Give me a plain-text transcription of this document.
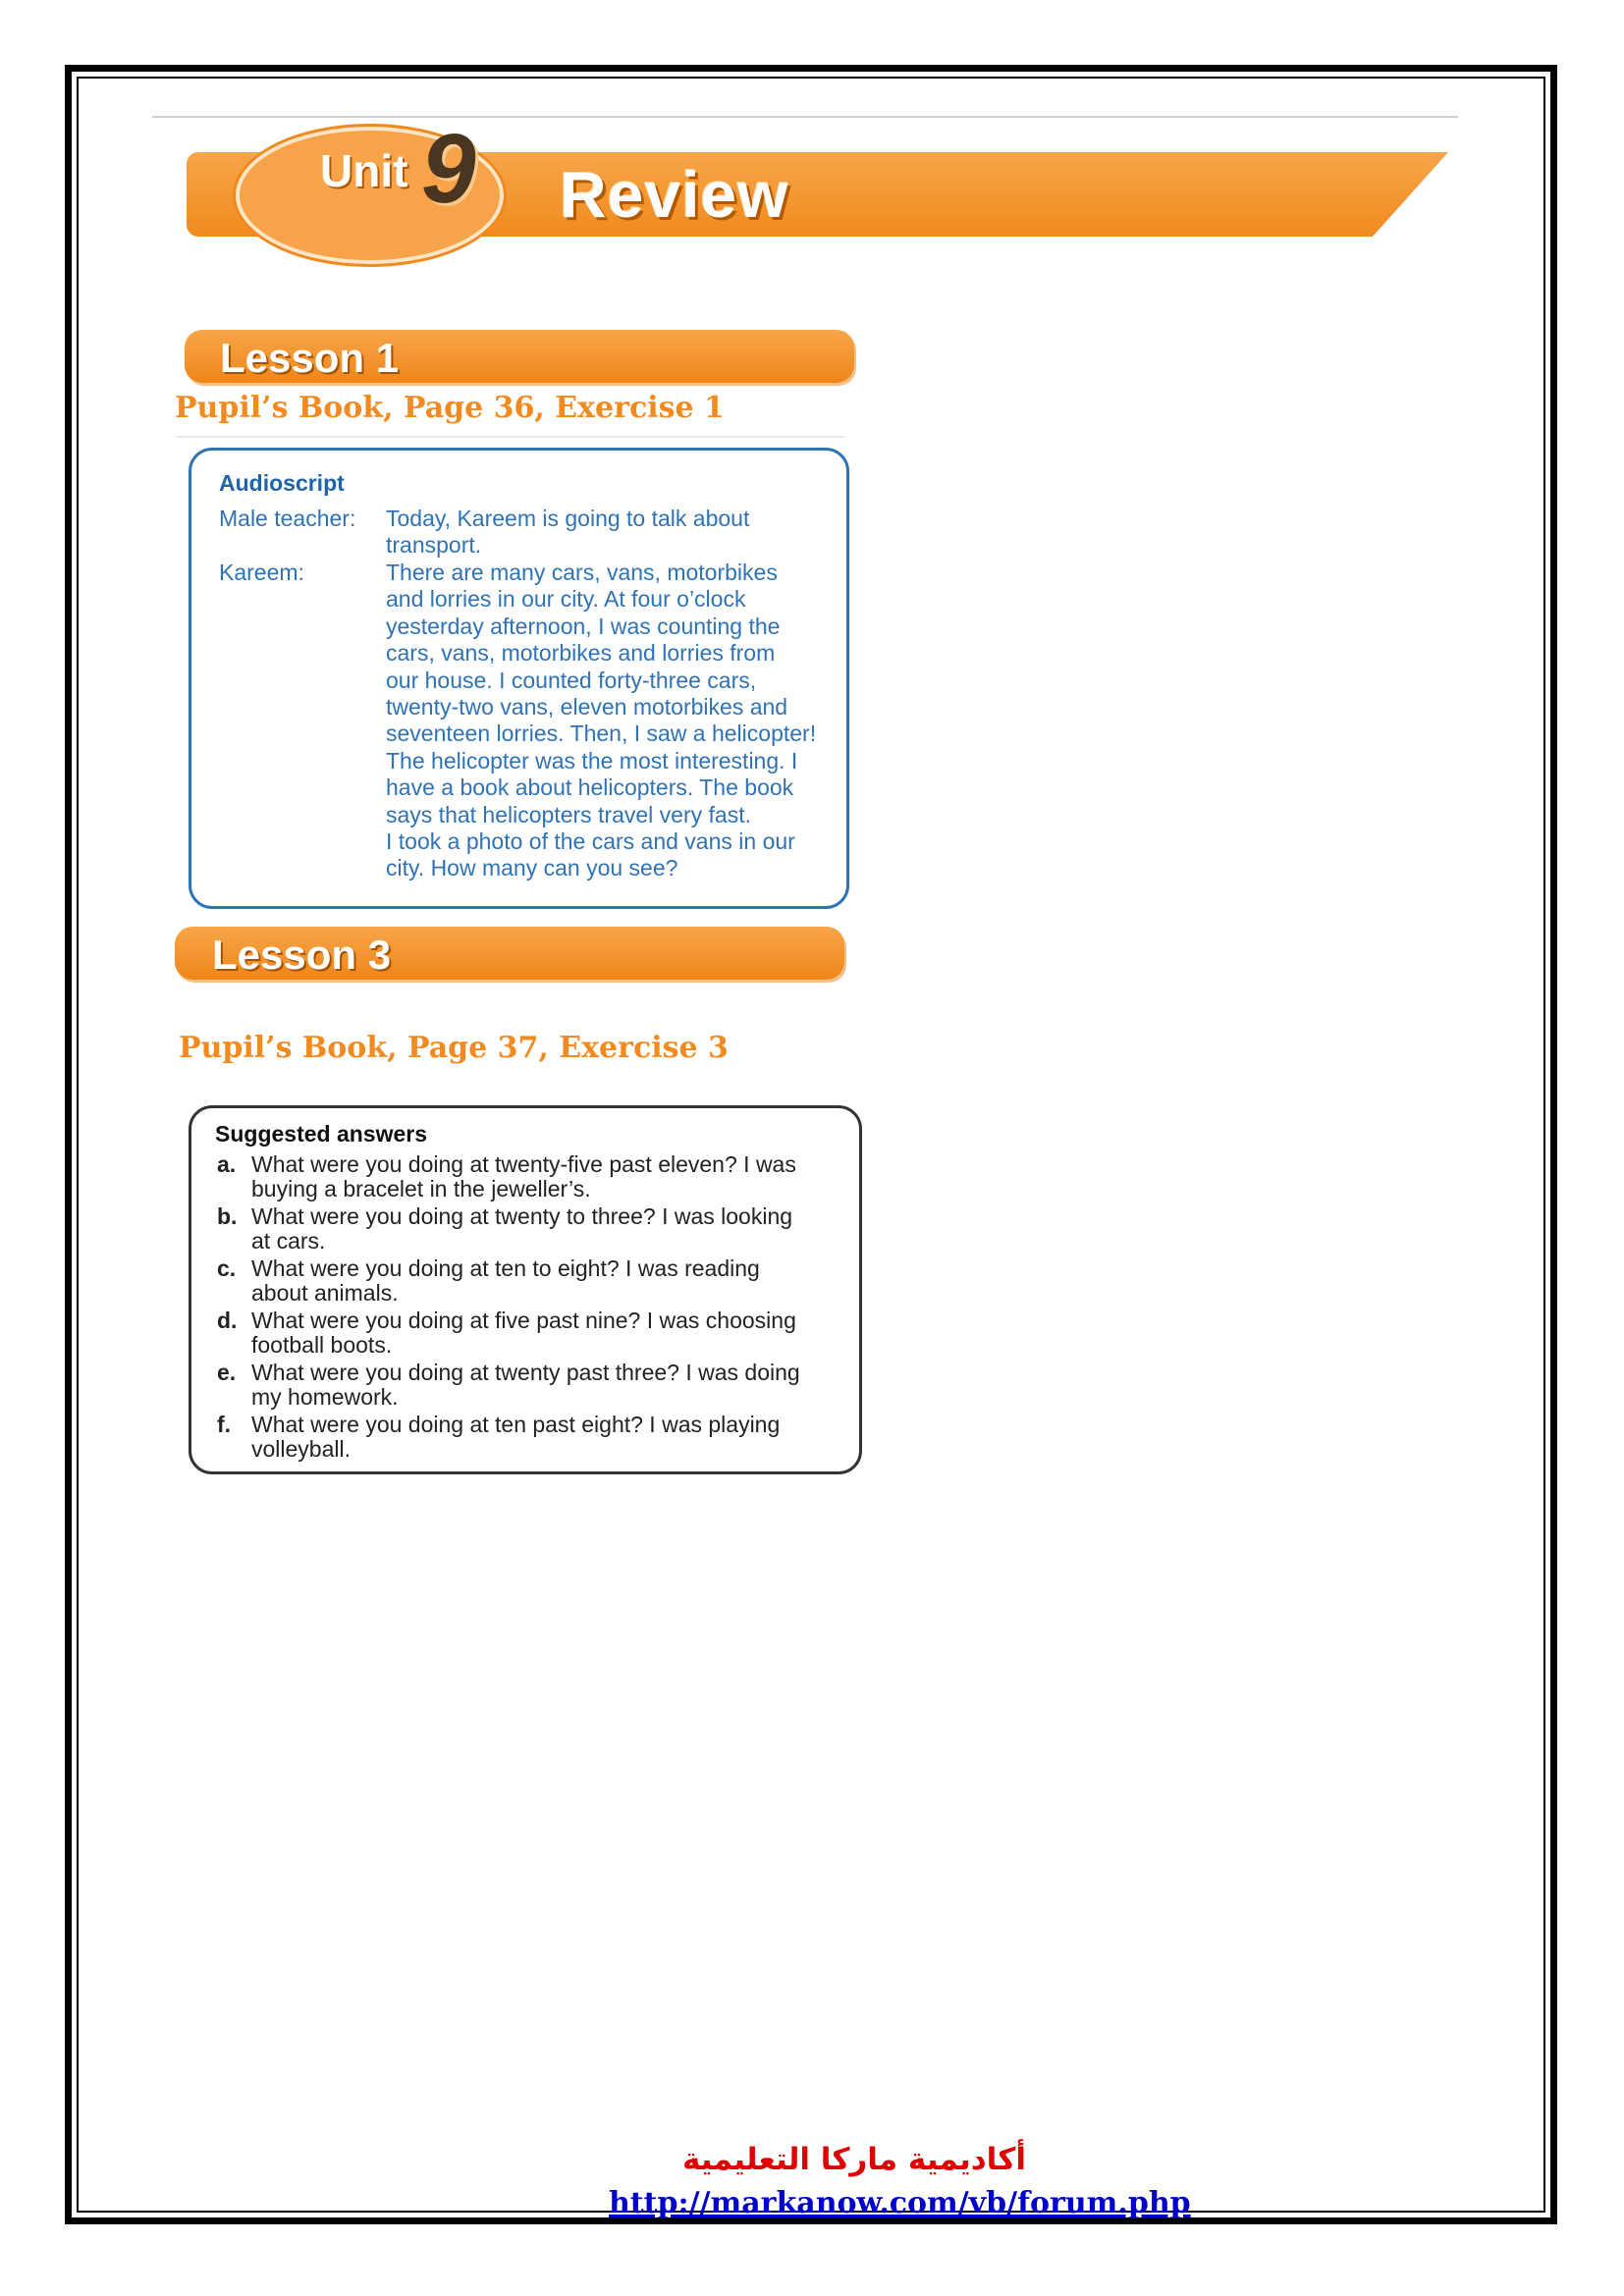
Unit 9 Review
Lesson 1
Pupil’s Book, Page 36, Exercise 1
Audioscript
Male teacher: Today, Kareem is going to talk about
transport.
Kareem:	There are many cars, vans, motorbikes
and lorries in our city. At four o’clock
yesterday afternoon, I was counting the
cars, vans, motorbikes and lorries from
our house. I counted forty-three cars,
twenty-two vans, eleven motorbikes and
seventeen lorries. Then, I saw a helicopter!
The helicopter was the most interesting. I
have a book about helicopters. The book
says that helicopters travel very fast.
I took a photo of the cars and vans in our
city. How many can you see?
Lesson 3
Pupil’s Book, Page 37, Exercise 3
Suggested answers
a. What were you doing at twenty-five past eleven? I was
buying a bracelet in the jeweller’s.
b. What were you doing at twenty to three? I was looking
at cars.
c. What were you doing at ten to eight? I was reading
about animals.
d. What were you doing at five past nine? I was choosing
football boots.
e. What were you doing at twenty past three? I was doing
my homework.
f. What were you doing at ten past eight? I was playing
volleyball.
أكاديمية ماركا التعليمية
http://markanow.com/vb/forum.php
